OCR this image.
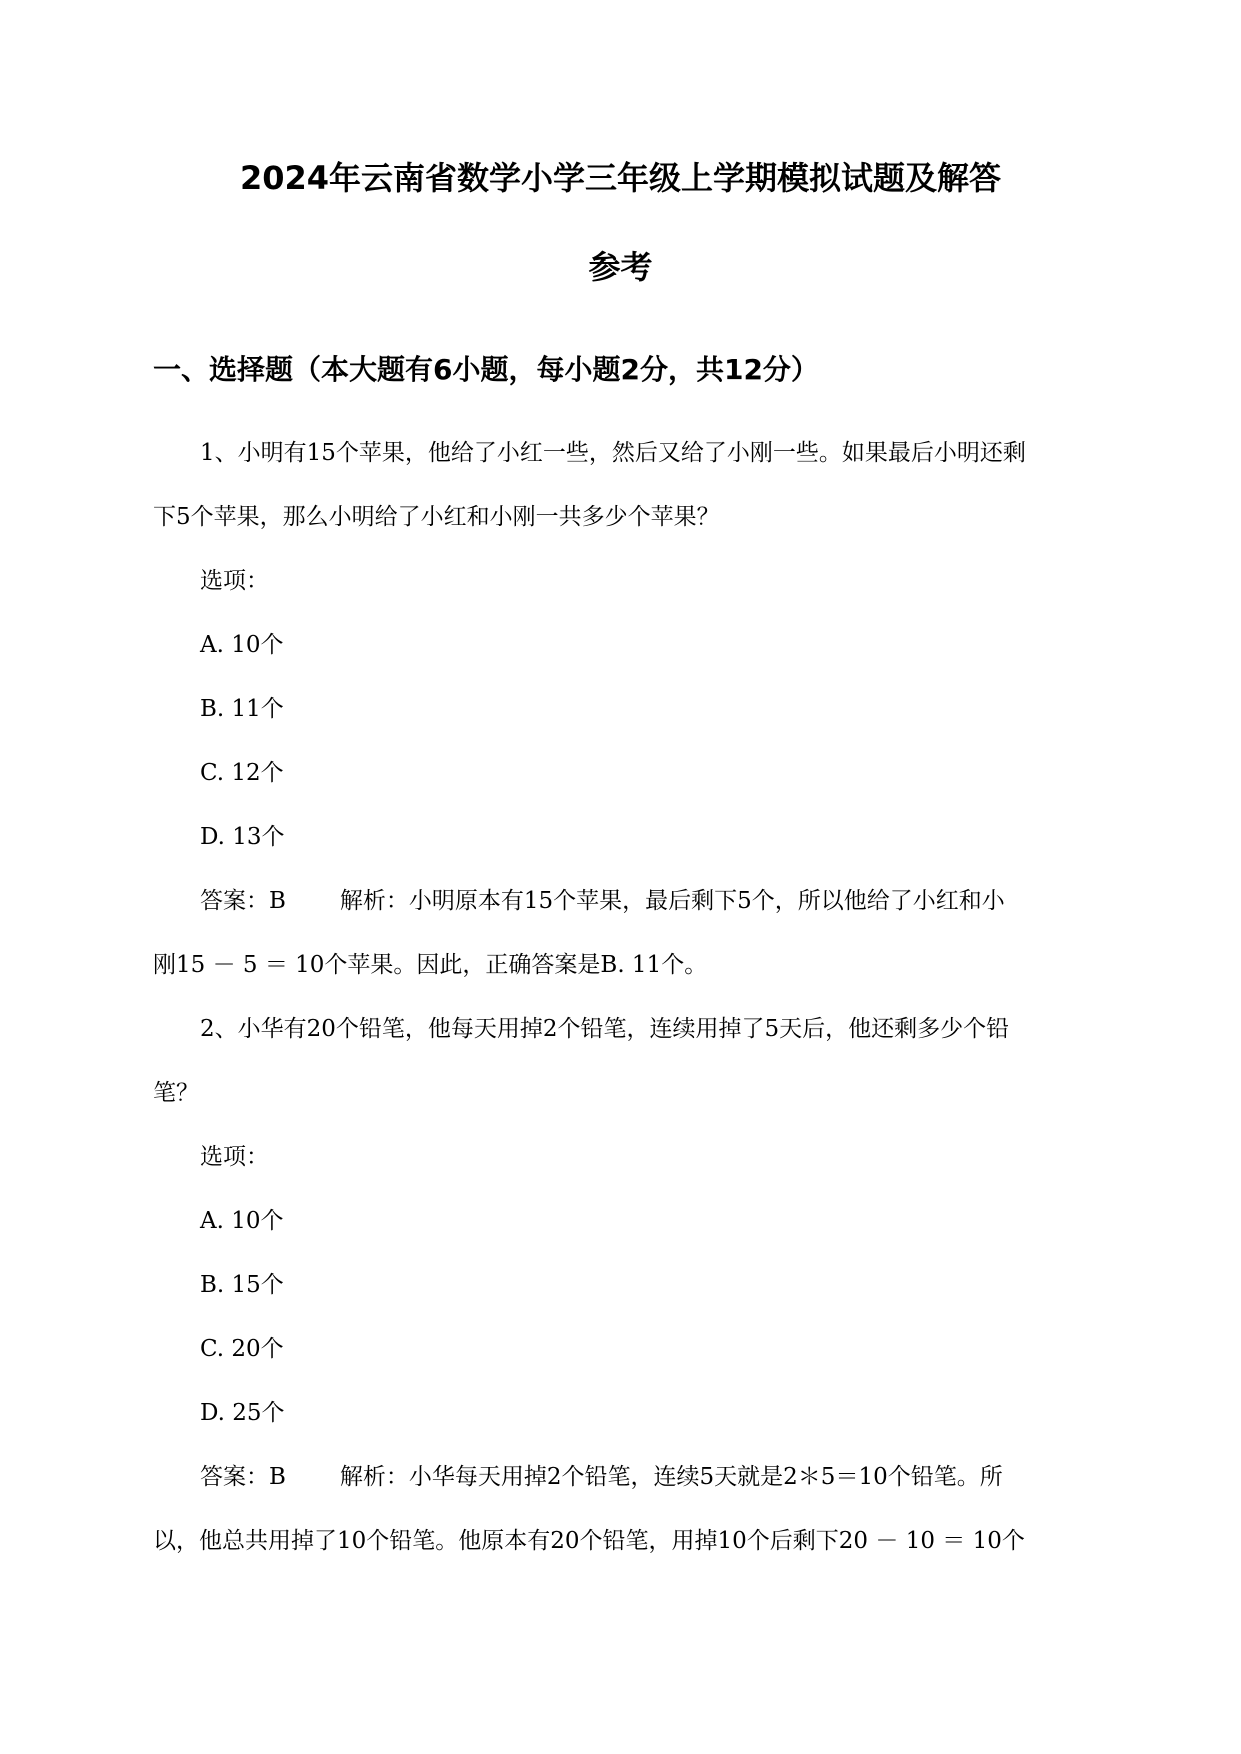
2024年云南省数学小学三年级上学期模拟试题及解答
参考
一、选择题（本大题有6小题，每小题2分，共12分）
1、小明有15个苹果，他给了小红一些，然后又给了小刚一些。如果最后小明还剩
下5个苹果，那么小明给了小红和小刚一共多少个苹果？
选项：
A. 10个
B. 11个
C. 12个
D. 13个
答案：B 解析：小明原本有15个苹果，最后剩下5个，所以他给了小红和小
刚15 － 5 ＝ 10个苹果。因此，正确答案是B. 11个。
2、小华有20个铅笔，他每天用掉2个铅笔，连续用掉了5天后，他还剩多少个铅
笔？
选项：
A. 10个
B. 15个
C. 20个
D. 25个
答案：B 解析：小华每天用掉2个铅笔，连续5天就是2＊5＝10个铅笔。所
以，他总共用掉了10个铅笔。他原本有20个铅笔，用掉10个后剩下20 － 10 ＝ 10个
